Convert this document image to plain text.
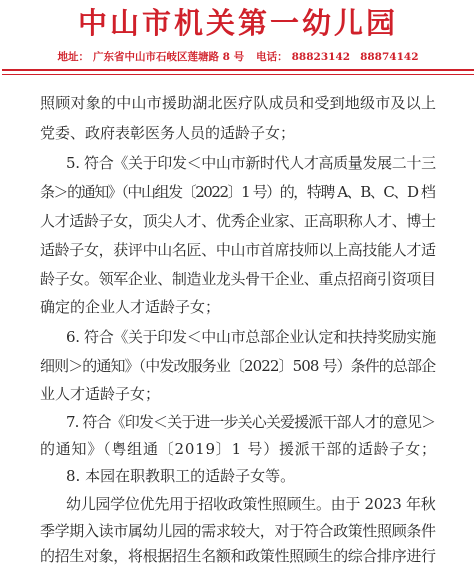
中山市机关第一幼儿园
地址： 广东省中山市石岐区莲塘路 8 号 电话： 88823142 88874142
照顾对象的中山市援助湖北医疗队成员和受到地级市及以上
党委、政府表彰医务人员的适龄子女；
5. 符合《关于印发＜中山市新时代人才高质量发展二十三
条＞的通知》（中山组发〔2022〕1 号）的，特聘 A、B、C、D 档
人才适龄子女，顶尖人才、优秀企业家、正高职称人才、博士
适龄子女，获评中山名匠、中山市首席技师以上高技能人才适
龄子女。领军企业、制造业龙头骨干企业、重点招商引资项目
确定的企业人才适龄子女；
6. 符合《关于印发＜中山市总部企业认定和扶持奖励实施
细则＞的通知》（中发改服务业〔2022〕508 号）条件的总部企
业人才适龄子女；
7. 符合《印发＜关于进一步关心关爱援派干部人才的意见＞
的通知》（粤组通〔2019〕1 号）援派干部的适龄子女；
8. 本园在职教职工的适龄子女等。
幼儿园学位优先用于招收政策性照顾生。由于 2023 年秋
季学期入读市属幼儿园的需求较大，对于符合政策性照顾条件
的招生对象，将根据招生名额和政策性照顾生的综合排序进行
